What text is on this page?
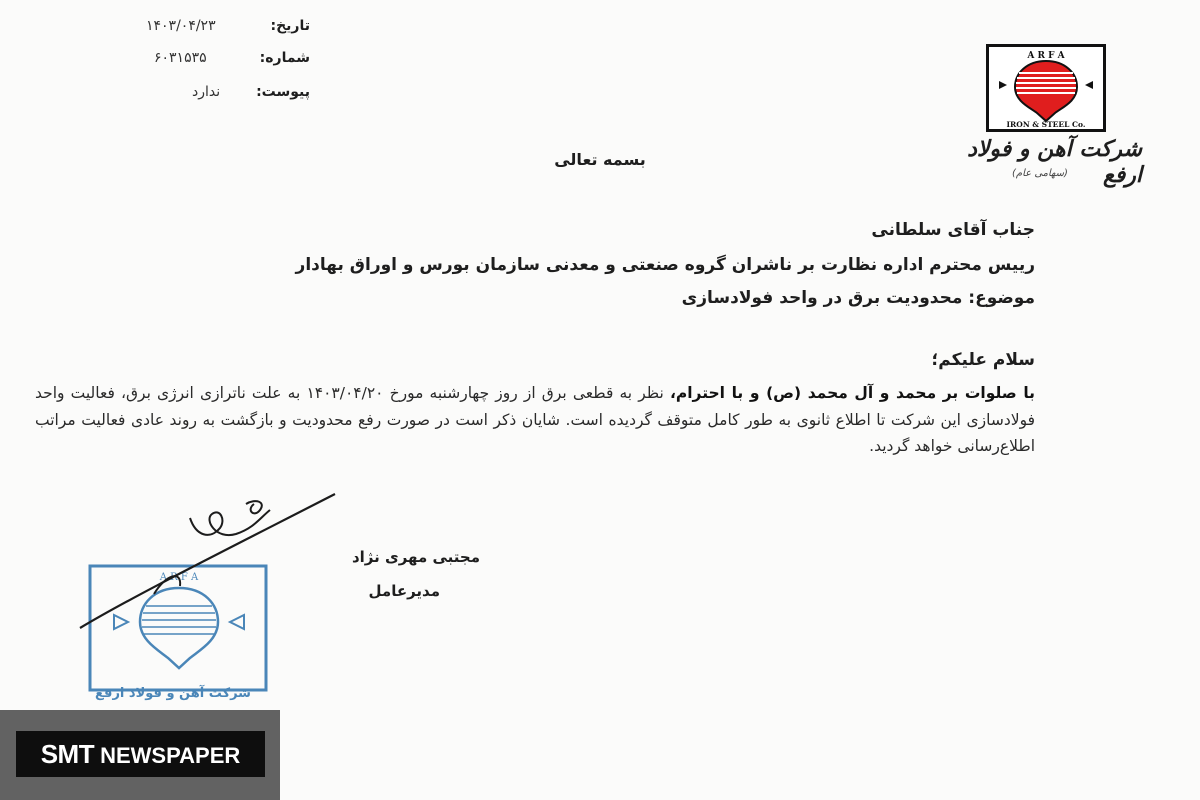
تاریخ:
۱۴۰۳/۰۴/۲۳
شماره:
۶۰۳۱۵۳۵
پیوست:
ندارد
A R F A
IRON & STEEL Co.
شرکت آهن و فولاد ارفع
(سهامی عام)
بسمه تعالی
جناب آقای سلطانی
رییس محترم اداره نظارت بر ناشران گروه صنعتی و معدنی سازمان بورس و اوراق بهادار
موضوع: محدودیت برق در واحد فولادسازی
سلام علیکم؛
با صلوات بر محمد و آل محمد (ص) و با احترام، نظر به قطعی برق از روز چهارشنبه مورخ ۱۴۰۳/۰۴/۲۰ به علت ناترازی انرژی برق، فعالیت واحد فولادسازی این شرکت تا اطلاع ثانوی به طور کامل متوقف گردیده است. شایان ذکر است در صورت رفع محدودیت و بازگشت به روند عادی فعالیت مراتب اطلاع‌رسانی خواهد گردید.
مجتبی مهری نژاد
مدیرعامل
A R F A
شرکت آهن و فولاد ارفع
SMT NEWSPAPER
